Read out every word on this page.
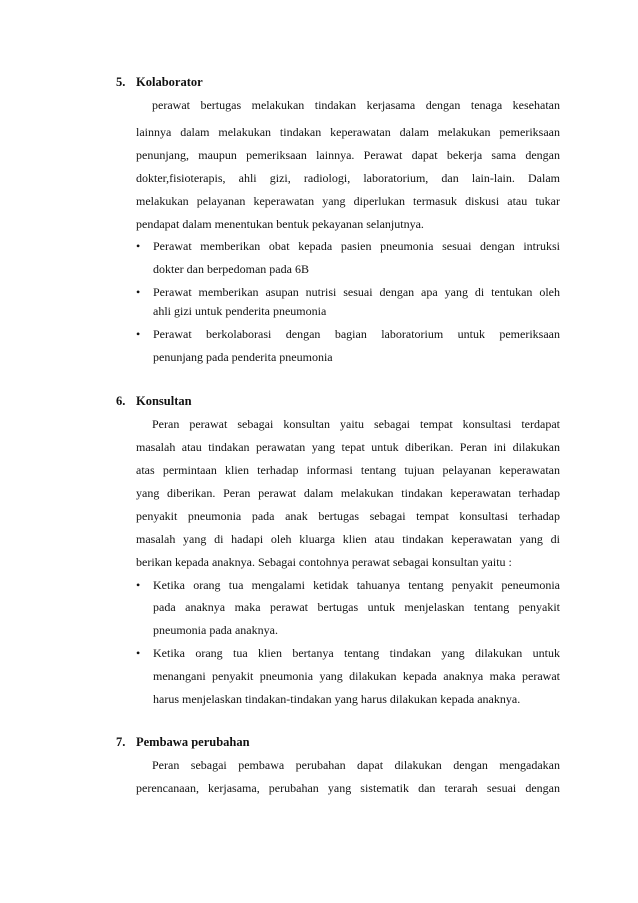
5. Kolaborator
perawat bertugas melakukan tindakan kerjasama dengan tenaga kesehatan
lainnya dalam melakukan tindakan keperawatan dalam melakukan pemeriksaan
penunjang, maupun pemeriksaan lainnya. Perawat dapat bekerja sama dengan
dokter,fisioterapis, ahli gizi, radiologi, laboratorium, dan lain-lain. Dalam
melakukan pelayanan keperawatan yang diperlukan termasuk diskusi atau tukar
pendapat dalam menentukan bentuk pekayanan selanjutnya.
• Perawat memberikan obat kepada pasien pneumonia sesuai dengan intruksi
dokter dan berpedoman pada 6B
• Perawat memberikan asupan nutrisi sesuai dengan apa yang di tentukan oleh
ahli gizi untuk penderita pneumonia
• Perawat berkolaborasi dengan bagian laboratorium untuk pemeriksaan
penunjang pada penderita pneumonia
6. Konsultan
Peran perawat sebagai konsultan yaitu sebagai tempat konsultasi terdapat
masalah atau tindakan perawatan yang tepat untuk diberikan. Peran ini dilakukan
atas permintaan klien terhadap informasi tentang tujuan pelayanan keperawatan
yang diberikan. Peran perawat dalam melakukan tindakan keperawatan terhadap
penyakit pneumonia pada anak bertugas sebagai tempat konsultasi terhadap
masalah yang di hadapi oleh kluarga klien atau tindakan keperawatan yang di
berikan kepada anaknya. Sebagai contohnya perawat sebagai konsultan yaitu :
• Ketika orang tua mengalami ketidak tahuanya tentang penyakit peneumonia
pada anaknya maka perawat bertugas untuk menjelaskan tentang penyakit
pneumonia pada anaknya.
• Ketika orang tua klien bertanya tentang tindakan yang dilakukan untuk
menangani penyakit pneumonia yang dilakukan kepada anaknya maka perawat
harus menjelaskan tindakan-tindakan yang harus dilakukan kepada anaknya.
7. Pembawa perubahan
Peran sebagai pembawa perubahan dapat dilakukan dengan mengadakan
perencanaan, kerjasama, perubahan yang sistematik dan terarah sesuai dengan
